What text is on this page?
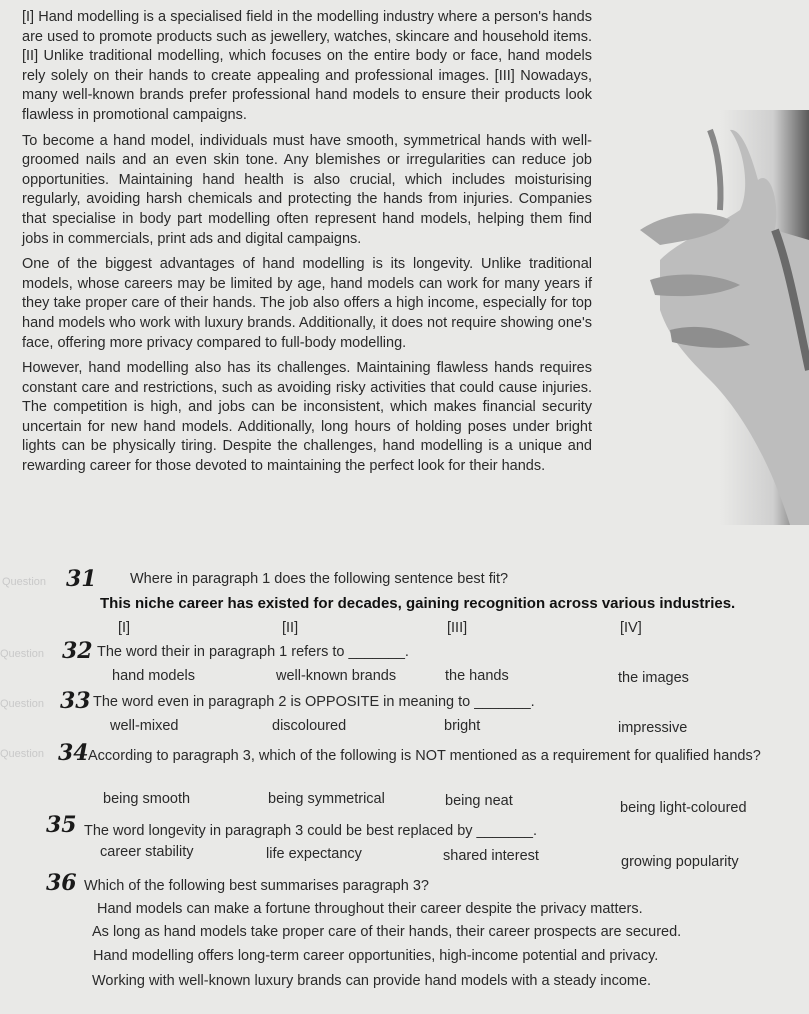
[I] Hand modelling is a specialised field in the modelling industry where a person's hands are used to promote products such as jewellery, watches, skincare and household items. [II] Unlike traditional modelling, which focuses on the entire body or face, hand models rely solely on their hands to create appealing and professional images. [III] Nowadays, many well-known brands prefer professional hand models to ensure their products look flawless in promotional campaigns.

To become a hand model, individuals must have smooth, symmetrical hands with well-groomed nails and an even skin tone. Any blemishes or irregularities can reduce job opportunities. Maintaining hand health is also crucial, which includes moisturising regularly, avoiding harsh chemicals and protecting the hands from injuries. Companies that specialise in body part modelling often represent hand models, helping them find jobs in commercials, print ads and digital campaigns.

One of the biggest advantages of hand modelling is its longevity. Unlike traditional models, whose careers may be limited by age, hand models can work for many years if they take proper care of their hands. The job also offers a high income, especially for top hand models who work with luxury brands. Additionally, it does not require showing one's face, offering more privacy compared to full-body modelling.

However, hand modelling also has its challenges. Maintaining flawless hands requires constant care and restrictions, such as avoiding risky activities that could cause injuries. The competition is high, and jobs can be inconsistent, which makes financial security uncertain for new hand models. Additionally, long hours of holding poses under bright lights can be physically tiring. Despite the challenges, hand modelling is a unique and rewarding career for those devoted to maintaining the perfect look for their hands.

Question 31 Where in paragraph 1 does the following sentence best fit?
This niche career has existed for decades, gaining recognition across various industries.
[I]	[II]	[III]	[IV]
Question 32 The word their in paragraph 1 refers to _______.
hand models	well-known brands	the hands	the images
Question 33 The word even in paragraph 2 is OPPOSITE in meaning to _______.
well-mixed	discoloured	bright	impressive
Question 34 According to paragraph 3, which of the following is NOT mentioned as a requirement for qualified hands?
being smooth	being symmetrical	being neat	being light-coloured
35 The word longevity in paragraph 3 could be best replaced by _______.
career stability	life expectancy	shared interest	growing popularity
36 Which of the following best summarises paragraph 3?
Hand models can make a fortune throughout their career despite the privacy matters.
As long as hand models take proper care of their hands, their career prospects are secured.
Hand modelling offers long-term career opportunities, high-income potential and privacy.
Working with well-known luxury brands can provide hand models with a steady income.
